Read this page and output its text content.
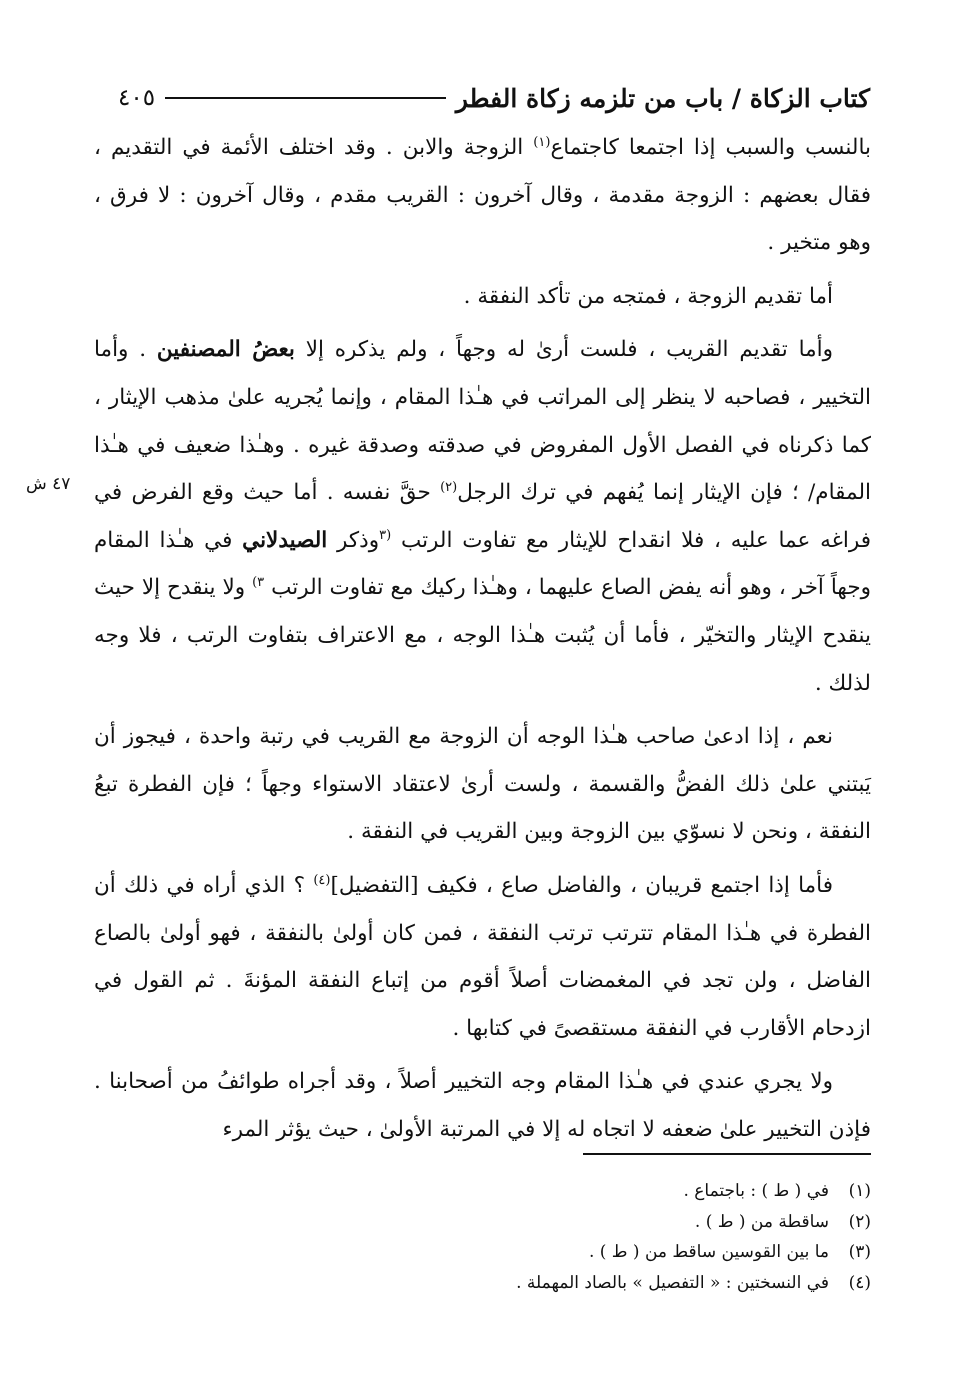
كتاب الزكاة / باب من تلزمه زكاة الفطر
٤٠٥
٤٧ ش

بالنسب والسبب إذا اجتمعا كاجتماع$^{(١)}$ الزوجة والابن . وقد اختلف الأئمة في التقديم ، فقال بعضهم : الزوجة مقدمة ، وقال آخرون : القريب مقدم ، وقال آخرون : لا فرق ، وهو متخير .

أما تقديم الزوجة ، فمتجه من تأكد النفقة .

وأما تقديم القريب ، فلست أرىٰ له وجهاً ، ولم يذكره إلا بعضُ المصنفين . وأما التخيير ، فصاحبه لا ينظر إلى المراتب في هـٰذا المقام ، وإنما يُجريه علىٰ مذهب الإيثار ، كما ذكرناه في الفصل الأول المفروض في صدقته وصدقة غيره . وهـٰذا ضعيف في هـٰذا المقام/ ؛ فإن الإيثار إنما يُفهم في ترك الرجل$^{(٢)}$ حقَّ نفسه . أما حيث وقع الفرض في فراغه عما عليه ، فلا انقداح للإيثار مع تفاوت الرتب $^{(٣}$وذكر الصيدلاني في هـٰذا المقام وجهاً آخر ، وهو أنه يفض الصاع عليهما ، وهـٰذا ركيك مع تفاوت الرتب $^{٣)}$ ولا ينقدح إلا حيث ينقدح الإيثار والتخيّر ، فأما أن يُثبت هـٰذا الوجه ، مع الاعتراف بتفاوت الرتب ، فلا وجه لذلك .

نعم ، إذا ادعىٰ صاحب هـٰذا الوجه أن الزوجة مع القريب في رتبة واحدة ، فيجوز أن يَبتني علىٰ ذلك الفضُّ والقسمة ، ولست أرىٰ لاعتقاد الاستواء وجهاً ؛ فإن الفطرة تبعُ النفقة ، ونحن لا نسوّي بين الزوجة وبين القريب في النفقة .

فأما إذا اجتمع قريبان ، والفاضل صاع ، فكيف [التفضيل]$^{(٤)}$ ؟ الذي أراه في ذلك أن الفطرة في هـٰذا المقام تترتب ترتب النفقة ، فمن كان أولىٰ بالنفقة ، فهو أولىٰ بالصاع الفاضل ، ولن تجد في المغمضات أصلاً أقوم من إتباع النفقة المؤنةَ . ثم القول في ازدحام الأقارب في النفقة مستقصىً في كتابها .

ولا يجري عندي في هـٰذا المقام وجه التخيير أصلاً ، وقد أجراه طوائفُ من أصحابنا . فإذن التخيير علىٰ ضعفه لا اتجاه له إلا في المرتبة الأولىٰ ، حيث يؤثر المرء

(١)
في ( ط ) : باجتماع .
(٢)
ساقطة من ( ط ) .
(٣)
ما بين القوسين ساقط من ( ط ) .
(٤)
في النسختين : « التفصيل » بالصاد المهملة .
